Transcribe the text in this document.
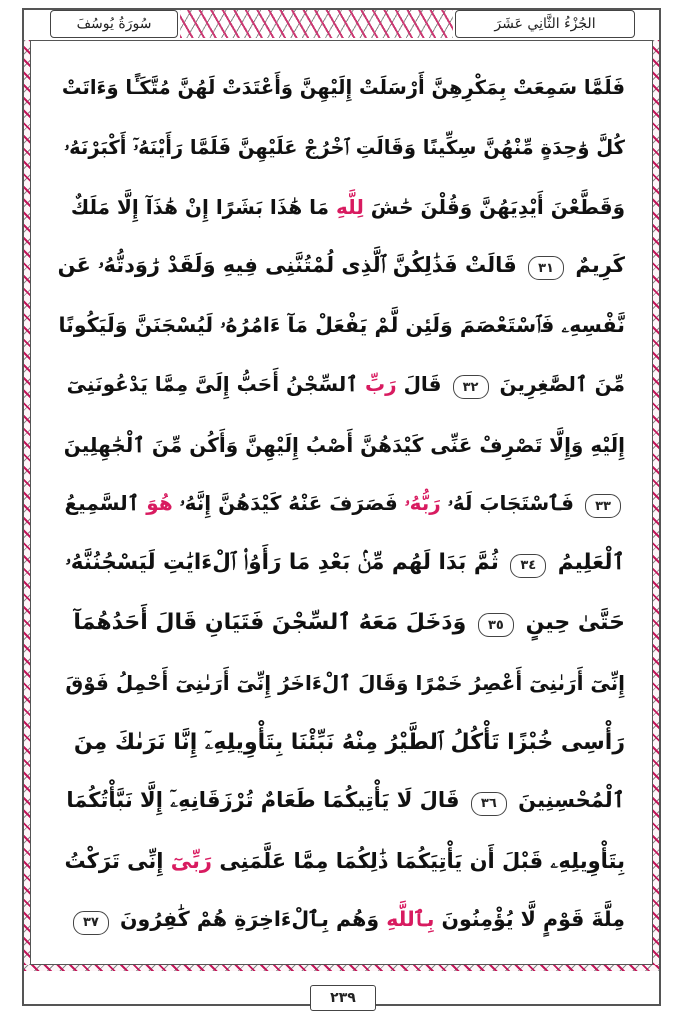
سُورَةُ يُوسُفَ	الجُزْءُ الثَّانِي عَشَرَ
فَلَمَّا سَمِعَتْ بِمَكْرِهِنَّ أَرْسَلَتْ إِلَيْهِنَّ وَأَعْتَدَتْ لَهُنَّ مُتَّكَـًٔا وَءَاتَتْ
كُلَّ وَٰحِدَةٍ مِّنْهُنَّ سِكِّينًا وَقَالَتِ ٱخْرُجْ عَلَيْهِنَّ فَلَمَّا رَأَيْنَهُۥٓ أَكْبَرْنَهُۥ
وَقَطَّعْنَ أَيْدِيَهُنَّ وَقُلْنَ حَٰشَ لِلَّهِ مَا هَٰذَا بَشَرًا إِنْ هَٰذَآ إِلَّا مَلَكٌ
كَرِيمٌ ٣١ قَالَتْ فَذَٰلِكُنَّ ٱلَّذِى لُمْتُنَّنِى فِيهِ وَلَقَدْ رَٰوَدتُّهُۥ عَن
نَّفْسِهِۦ فَٱسْتَعْصَمَ وَلَئِن لَّمْ يَفْعَلْ مَآ ءَامُرُهُۥ لَيُسْجَنَنَّ وَلَيَكُونًا
مِّنَ ٱلصَّٰغِرِينَ ٣٢ قَالَ رَبِّ ٱلسِّجْنُ أَحَبُّ إِلَىَّ مِمَّا يَدْعُونَنِىٓ
إِلَيْهِ وَإِلَّا تَصْرِفْ عَنِّى كَيْدَهُنَّ أَصْبُ إِلَيْهِنَّ وَأَكُن مِّنَ ٱلْجَٰهِلِينَ
٣٣ فَٱسْتَجَابَ لَهُۥ رَبُّهُۥ فَصَرَفَ عَنْهُ كَيْدَهُنَّ إِنَّهُۥ هُوَ ٱلسَّمِيعُ
ٱلْعَلِيمُ ٣٤ ثُمَّ بَدَا لَهُم مِّنۢ بَعْدِ مَا رَأَوُا۟ ٱلْءَايَٰتِ لَيَسْجُنُنَّهُۥ
حَتَّىٰ حِينٍ ٣٥ وَدَخَلَ مَعَهُ ٱلسِّجْنَ فَتَيَانِ قَالَ أَحَدُهُمَآ
إِنِّىٓ أَرَىٰنِىٓ أَعْصِرُ خَمْرًا وَقَالَ ٱلْءَاخَرُ إِنِّىٓ أَرَىٰنِىٓ أَحْمِلُ فَوْقَ
رَأْسِى خُبْزًا تَأْكُلُ ٱلطَّيْرُ مِنْهُ نَبِّئْنَا بِتَأْوِيلِهِۦٓ إِنَّا نَرَىٰكَ مِنَ
ٱلْمُحْسِنِينَ ٣٦ قَالَ لَا يَأْتِيكُمَا طَعَامٌ تُرْزَقَانِهِۦٓ إِلَّا نَبَّأْتُكُمَا
بِتَأْوِيلِهِۦ قَبْلَ أَن يَأْتِيَكُمَا ذَٰلِكُمَا مِمَّا عَلَّمَنِى رَبِّىٓ إِنِّى تَرَكْتُ
مِلَّةَ قَوْمٍ لَّا يُؤْمِنُونَ بِٱللَّهِ وَهُم بِٱلْءَاخِرَةِ هُمْ كَٰفِرُونَ ٣٧
٢٣٩
